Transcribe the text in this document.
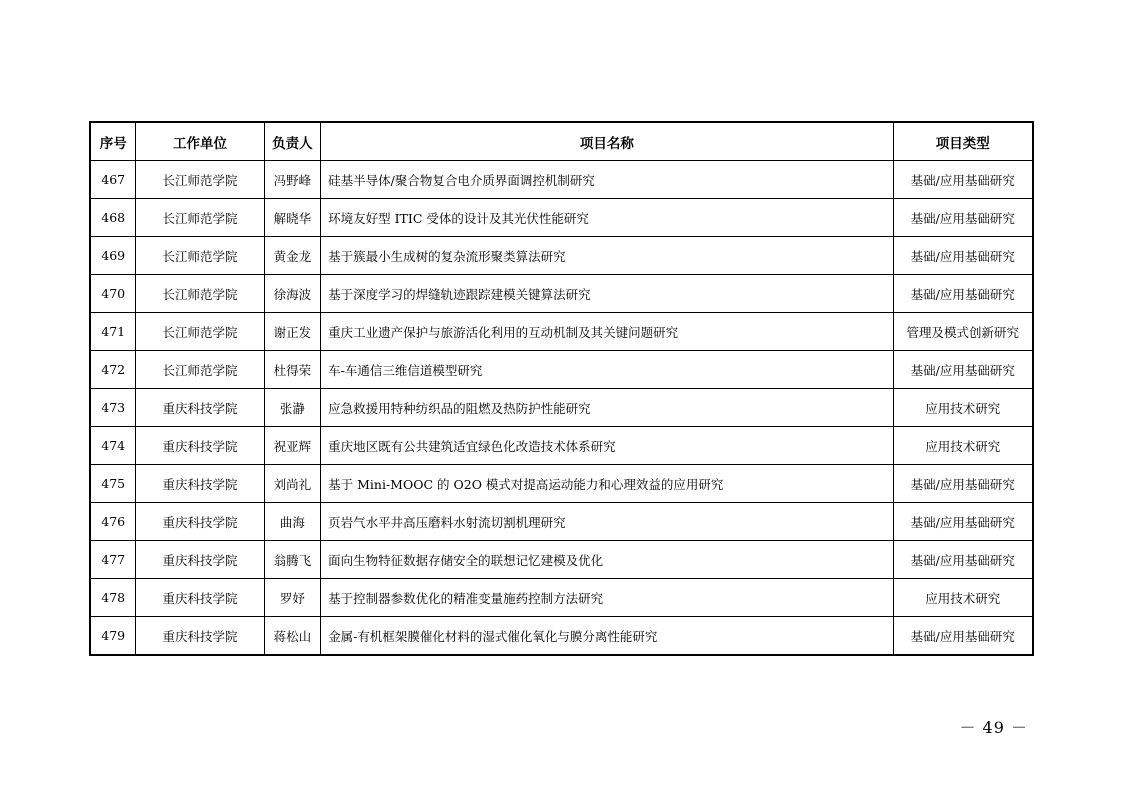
序号	工作单位	负责人	项目名称	项目类型
467	长江师范学院	冯野峰	硅基半导体/聚合物复合电介质界面调控机制研究	基础/应用基础研究
468	长江师范学院	解晓华	环境友好型 ITIC 受体的设计及其光伏性能研究	基础/应用基础研究
469	长江师范学院	黄金龙	基于簇最小生成树的复杂流形聚类算法研究	基础/应用基础研究
470	长江师范学院	徐海波	基于深度学习的焊缝轨迹跟踪建模关键算法研究	基础/应用基础研究
471	长江师范学院	谢正发	重庆工业遗产保护与旅游活化利用的互动机制及其关键问题研究	管理及模式创新研究
472	长江师范学院	杜得荣	车-车通信三维信道模型研究	基础/应用基础研究
473	重庆科技学院	张瀞	应急救援用特种纺织品的阻燃及热防护性能研究	应用技术研究
474	重庆科技学院	祝亚辉	重庆地区既有公共建筑适宜绿色化改造技术体系研究	应用技术研究
475	重庆科技学院	刘尚礼	基于 Mini-MOOC 的 O2O 模式对提高运动能力和心理效益的应用研究	基础/应用基础研究
476	重庆科技学院	曲海	页岩气水平井高压磨料水射流切割机理研究	基础/应用基础研究
477	重庆科技学院	翁腾飞	面向生物特征数据存储安全的联想记忆建模及优化	基础/应用基础研究
478	重庆科技学院	罗妤	基于控制器参数优化的精准变量施药控制方法研究	应用技术研究
479	重庆科技学院	蒋松山	金属-有机框架膜催化材料的湿式催化氧化与膜分离性能研究	基础/应用基础研究
－ 49 －
